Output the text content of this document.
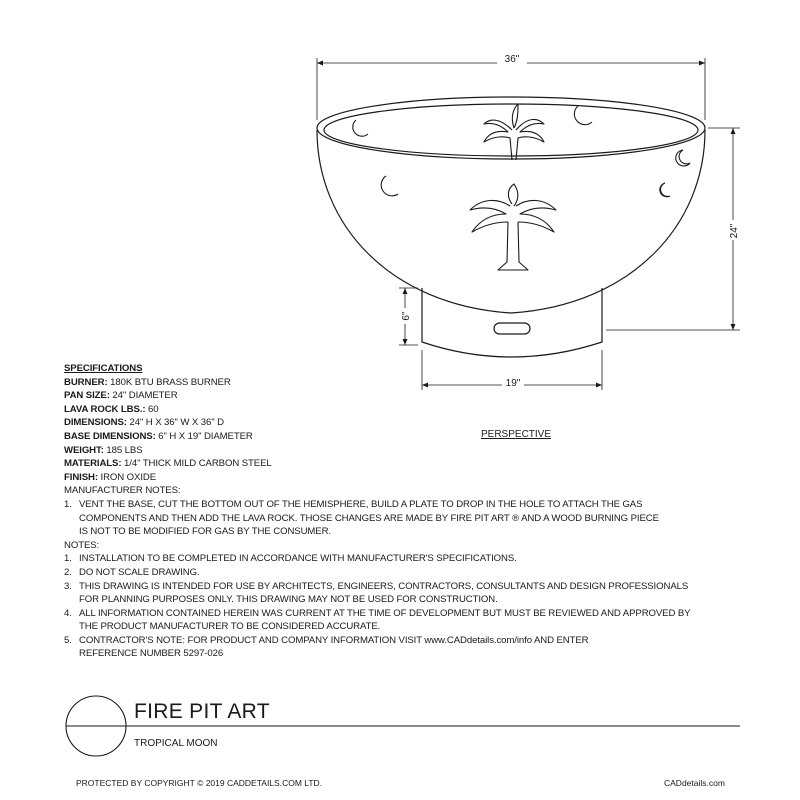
36"
24"
6"
19"
PERSPECTIVE
SPECIFICATIONS
BURNER: 180K BTU BRASS BURNER
PAN SIZE: 24" DIAMETER
LAVA ROCK LBS.: 60
DIMENSIONS: 24" H X 36" W X 36" D
BASE DIMENSIONS: 6" H X 19" DIAMETER
WEIGHT: 185 LBS
MATERIALS: 1/4" THICK MILD CARBON STEEL
FINISH: IRON OXIDE
MANUFACTURER NOTES:
1. VENT THE BASE, CUT THE BOTTOM OUT OF THE HEMISPHERE, BUILD A PLATE TO DROP IN THE HOLE TO ATTACH THE GAS
COMPONENTS AND THEN ADD THE LAVA ROCK. THOSE CHANGES ARE MADE BY FIRE PIT ART ® AND A WOOD BURNING PIECE
IS NOT TO BE MODIFIED FOR GAS BY THE CONSUMER.
NOTES:
1. INSTALLATION TO BE COMPLETED IN ACCORDANCE WITH MANUFACTURER'S SPECIFICATIONS.
2. DO NOT SCALE DRAWING.
3. THIS DRAWING IS INTENDED FOR USE BY ARCHITECTS, ENGINEERS, CONTRACTORS, CONSULTANTS AND DESIGN PROFESSIONALS
FOR PLANNING PURPOSES ONLY. THIS DRAWING MAY NOT BE USED FOR CONSTRUCTION.
4. ALL INFORMATION CONTAINED HEREIN WAS CURRENT AT THE TIME OF DEVELOPMENT BUT MUST BE REVIEWED AND APPROVED BY
THE PRODUCT MANUFACTURER TO BE CONSIDERED ACCURATE.
5. CONTRACTOR'S NOTE: FOR PRODUCT AND COMPANY INFORMATION VISIT www.CADdetails.com/info AND ENTER
REFERENCE NUMBER 5297-026
FIRE PIT ART
TROPICAL MOON
PROTECTED BY COPYRIGHT © 2019 CADDETAILS.COM LTD.	CADdetails.com
